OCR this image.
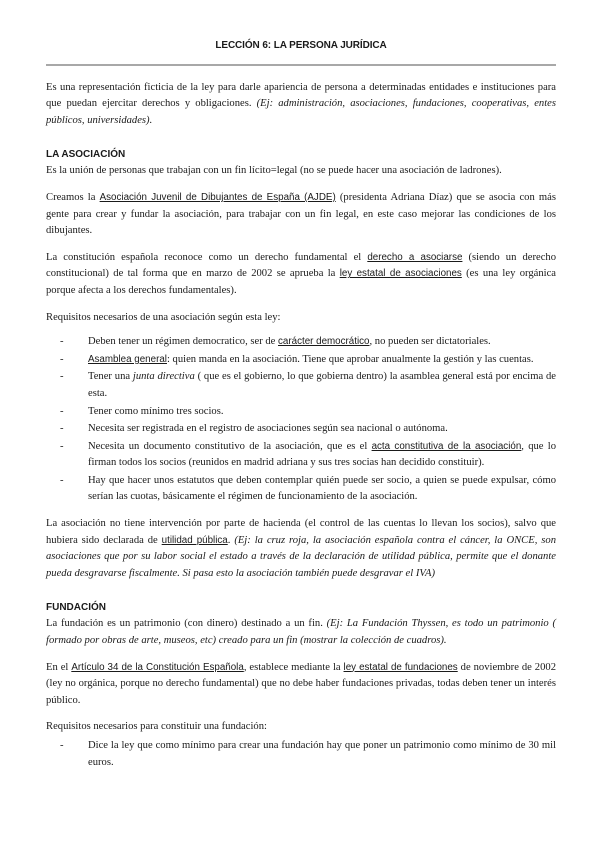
LECCIÓN 6: LA PERSONA JURÍDICA

Es una representación ficticia de la ley para darle apariencia de persona a determinadas entidades e instituciones para que puedan ejercitar derechos y obligaciones. (Ej: administración, asociaciones, fundaciones, cooperativas, entes públicos, universidades).

LA ASOCIACIÓN

Es la unión de personas que trabajan con un fin lícito=legal (no se puede hacer una asociación de ladrones).

Creamos la Asociación Juvenil de Dibujantes de España (AJDE) (presidenta Adriana Díaz) que se asocia con más gente para crear y fundar la asociación, para trabajar con un fin legal, en este caso mejorar las condiciones de los dibujantes.

La constitución española reconoce como un derecho fundamental el derecho a asociarse (siendo un derecho constitucional) de tal forma que en marzo de 2002 se aprueba la ley estatal de asociaciones (es una ley orgánica porque afecta a los derechos fundamentales).

Requisitos necesarios de una asociación según esta ley:

- Deben tener un régimen democratico, ser de carácter democrático, no pueden ser dictatoriales.
- Asamblea general: quien manda en la asociación. Tiene que aprobar anualmente la gestión y las cuentas.
- Tener una junta directiva ( que es el gobierno, lo que gobierna dentro) la asamblea general está por encima de esta.
- Tener como mínimo tres socios.
- Necesita ser registrada en el registro de asociaciones según sea nacional o autónoma.
- Necesita un documento constitutivo de la asociación, que es el acta constitutiva de la asociación, que lo firman todos los socios (reunidos en madrid adriana y sus tres socias han decidido constituir).
- Hay que hacer unos estatutos que deben contemplar quién puede ser socio, a quien se puede expulsar, cómo serían las cuotas, básicamente el régimen de funcionamiento de la asociación.

La asociación no tiene intervención por parte de hacienda (el control de las cuentas lo llevan los socios), salvo que hubiera sido declarada de utilidad pública. (Ej: la cruz roja, la asociación española contra el cáncer, la ONCE, son asociaciones que por su labor social el estado a través de la declaración de utilidad pública, permite que el donante pueda desgravarse fiscalmente. Si pasa esto la asociación también puede desgravar el IVA)

FUNDACIÓN

La fundación es un patrimonio (con dinero) destinado a un fin. (Ej: La Fundación Thyssen, es todo un patrimonio ( formado por obras de arte, museos, etc) creado para un fin (mostrar la colección de cuadros).

En el Artículo 34 de la Constitución Española, establece mediante la ley estatal de fundaciones de noviembre de 2002 (ley no orgánica, porque no derecho fundamental) que no debe haber fundaciones privadas, todas deben tener un interés público.

Requisitos necesarios para constituir una fundación:

- Dice la ley que como mínimo para crear una fundación hay que poner un patrimonio como mínimo de 30 mil euros.
